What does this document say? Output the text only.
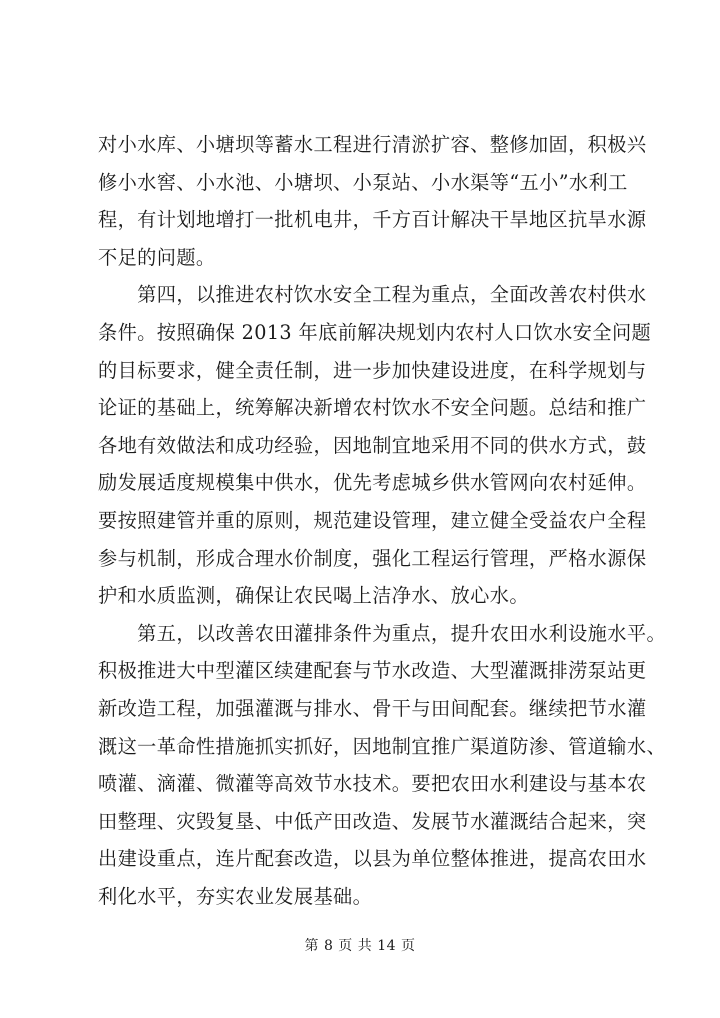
对小水库、小塘坝等蓄水工程进行清淤扩容、整修加固，积极兴
修小水窖、小水池、小塘坝、小泵站、小水渠等“五小”水利工
程，有计划地增打一批机电井，千方百计解决干旱地区抗旱水源
不足的问题。
　　第四，以推进农村饮水安全工程为重点，全面改善农村供水
条件。按照确保 2013 年底前解决规划内农村人口饮水安全问题
的目标要求，健全责任制，进一步加快建设进度，在科学规划与
论证的基础上，统筹解决新增农村饮水不安全问题。总结和推广
各地有效做法和成功经验，因地制宜地采用不同的供水方式，鼓
励发展适度规模集中供水，优先考虑城乡供水管网向农村延伸。
要按照建管并重的原则，规范建设管理，建立健全受益农户全程
参与机制，形成合理水价制度，强化工程运行管理，严格水源保
护和水质监测，确保让农民喝上洁净水、放心水。
　　第五，以改善农田灌排条件为重点，提升农田水利设施水平。
积极推进大中型灌区续建配套与节水改造、大型灌溉排涝泵站更
新改造工程，加强灌溉与排水、骨干与田间配套。继续把节水灌
溉这一革命性措施抓实抓好，因地制宜推广渠道防渗、管道输水、
喷灌、滴灌、微灌等高效节水技术。要把农田水利建设与基本农
田整理、灾毁复垦、中低产田改造、发展节水灌溉结合起来，突
出建设重点，连片配套改造，以县为单位整体推进，提高农田水
利化水平，夯实农业发展基础。
第 8 页 共 14 页
